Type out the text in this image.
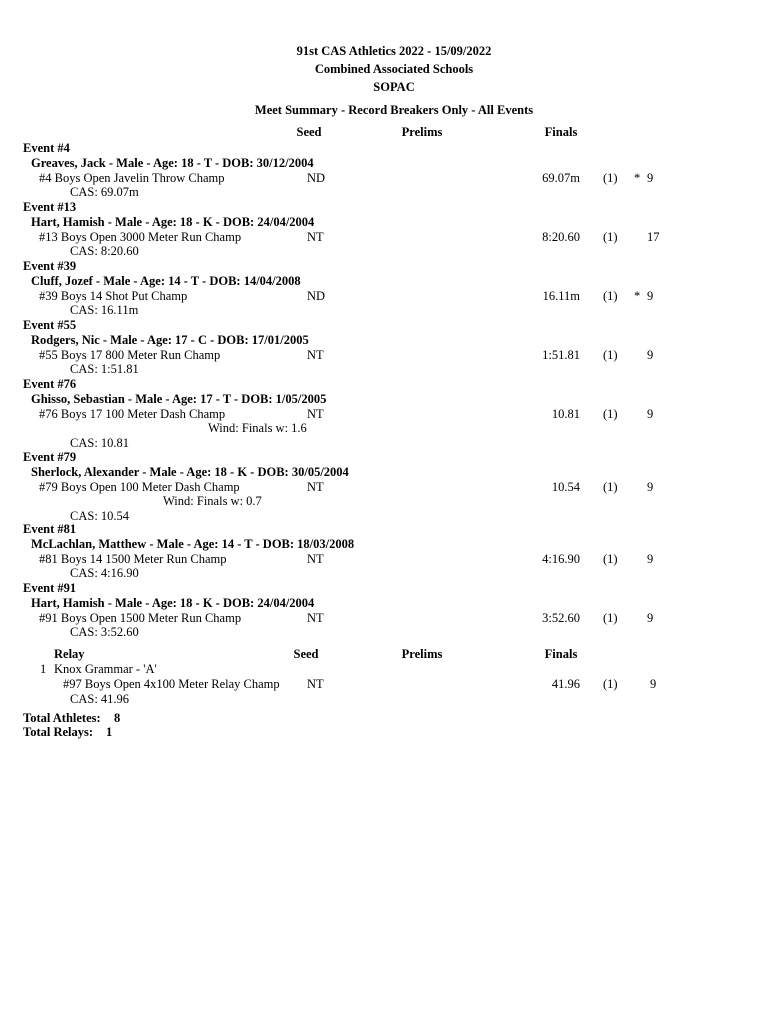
91st CAS Athletics 2022 - 15/09/2022
Combined Associated Schools
SOPAC
Meet Summary - Record Breakers Only - All Events
Seed	Prelims	Finals
Event #4
Greaves, Jack - Male - Age: 18 - T - DOB: 30/12/2004
#4 Boys Open Javelin Throw Champ	ND	69.07m (1) * 9
CAS: 69.07m
Event #13
Hart, Hamish - Male - Age: 18 - K - DOB: 24/04/2004
#13 Boys Open 3000 Meter Run Champ	NT	8:20.60 (1) 17
CAS: 8:20.60
Event #39
Cluff, Jozef - Male - Age: 14 - T - DOB: 14/04/2008
#39 Boys 14 Shot Put Champ	ND	16.11m (1) * 9
CAS: 16.11m
Event #55
Rodgers, Nic - Male - Age: 17 - C - DOB: 17/01/2005
#55 Boys 17 800 Meter Run Champ	NT	1:51.81 (1) 9
CAS: 1:51.81
Event #76
Ghisso, Sebastian - Male - Age: 17 - T - DOB: 1/05/2005
#76 Boys 17 100 Meter Dash Champ	NT	10.81 (1) 9
Wind: Finals w: 1.6
CAS: 10.81
Event #79
Sherlock, Alexander - Male - Age: 18 - K - DOB: 30/05/2004
#79 Boys Open 100 Meter Dash Champ	NT	10.54 (1) 9
Wind: Finals w: 0.7
CAS: 10.54
Event #81
McLachlan, Matthew - Male - Age: 14 - T - DOB: 18/03/2008
#81 Boys 14 1500 Meter Run Champ	NT	4:16.90 (1) 9
CAS: 4:16.90
Event #91
Hart, Hamish - Male - Age: 18 - K - DOB: 24/04/2004
#91 Boys Open 1500 Meter Run Champ	NT	3:52.60 (1) 9
CAS: 3:52.60
Relay	Seed	Prelims	Finals
1 Knox Grammar - 'A'
#97 Boys Open 4x100 Meter Relay Champ NT	41.96 (1)	9
CAS: 41.96
Total Athletes: 8
Total Relays: 1
